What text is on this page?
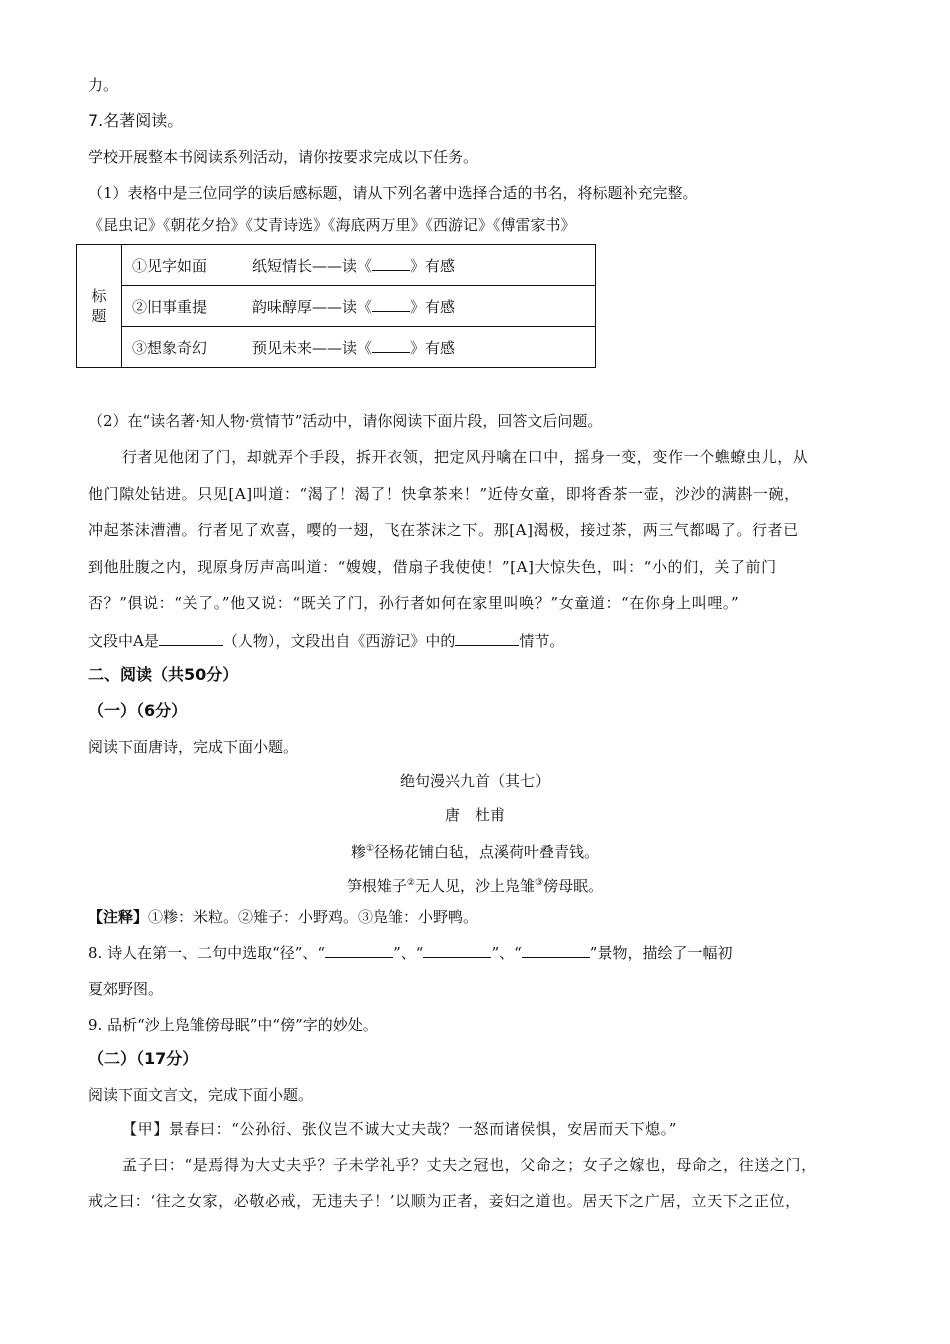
力。
7.名著阅读。
学校开展整本书阅读系列活动，请你按要求完成以下任务。
（1）表格中是三位同学的读后感标题，请从下列名著中选择合适的书名，将标题补充完整。
《昆虫记》《朝花夕拾》《艾青诗选》《海底两万里》《西游记》《傅雷家书》
标题	①见字如面	纸短情长——读《	》有感
②旧事重提	韵味醇厚——读《	》有感
③想象奇幻	预见未来——读《	》有感
（2）在“读名著·知人物·赏情节”活动中，请你阅读下面片段，回答文后问题。
行者见他闭了门，却就弄个手段，拆开衣领，把定风丹噙在口中，摇身一变，变作一个蟭蟟虫儿，从
他门隙处钻进。只见[A]叫道：“渴了！渴了！快拿茶来！”近侍女童，即将香茶一壶，沙沙的满斟一碗，
冲起茶沫漕漕。行者见了欢喜，嘤的一翅，飞在茶沫之下。那[A]渴极，接过茶，两三气都喝了。行者已
到他肚腹之内，现原身厉声高叫道：“嫂嫂，借扇子我使使！”[A]大惊失色，叫：“小的们，关了前门
否？”俱说：“关了。”他又说：“既关了门，孙行者如何在家里叫唤？”女童道：“在你身上叫哩。”
文段中A是	（人物），文段出自《西游记》中的	情节。
二、阅读（共50分）
（一）（6分）
阅读下面唐诗，完成下面小题。
绝句漫兴九首（其七）
唐　杜甫
糁①径杨花铺白毡，点溪荷叶叠青钱。
笋根雉子②无人见，沙上凫雏③傍母眠。
【注释】①糁：米粒。②雉子：小野鸡。③凫雏：小野鸭。
8. 诗人在第一、二句中选取“径”、“	”、“	”、“	”景物，描绘了一幅初
夏郊野图。
9. 品析“沙上凫雏傍母眠”中“傍”字的妙处。
（二）（17分）
阅读下面文言文，完成下面小题。
【甲】景春曰：“公孙衍、张仪岂不诚大丈夫哉？一怒而诸侯惧，安居而天下熄。”
孟子曰：“是焉得为大丈夫乎？子未学礼乎？丈夫之冠也，父命之；女子之嫁也，母命之，往送之门，
戒之曰：‘往之女家，必敬必戒，无违夫子！’以顺为正者，妾妇之道也。居天下之广居，立天下之正位，
